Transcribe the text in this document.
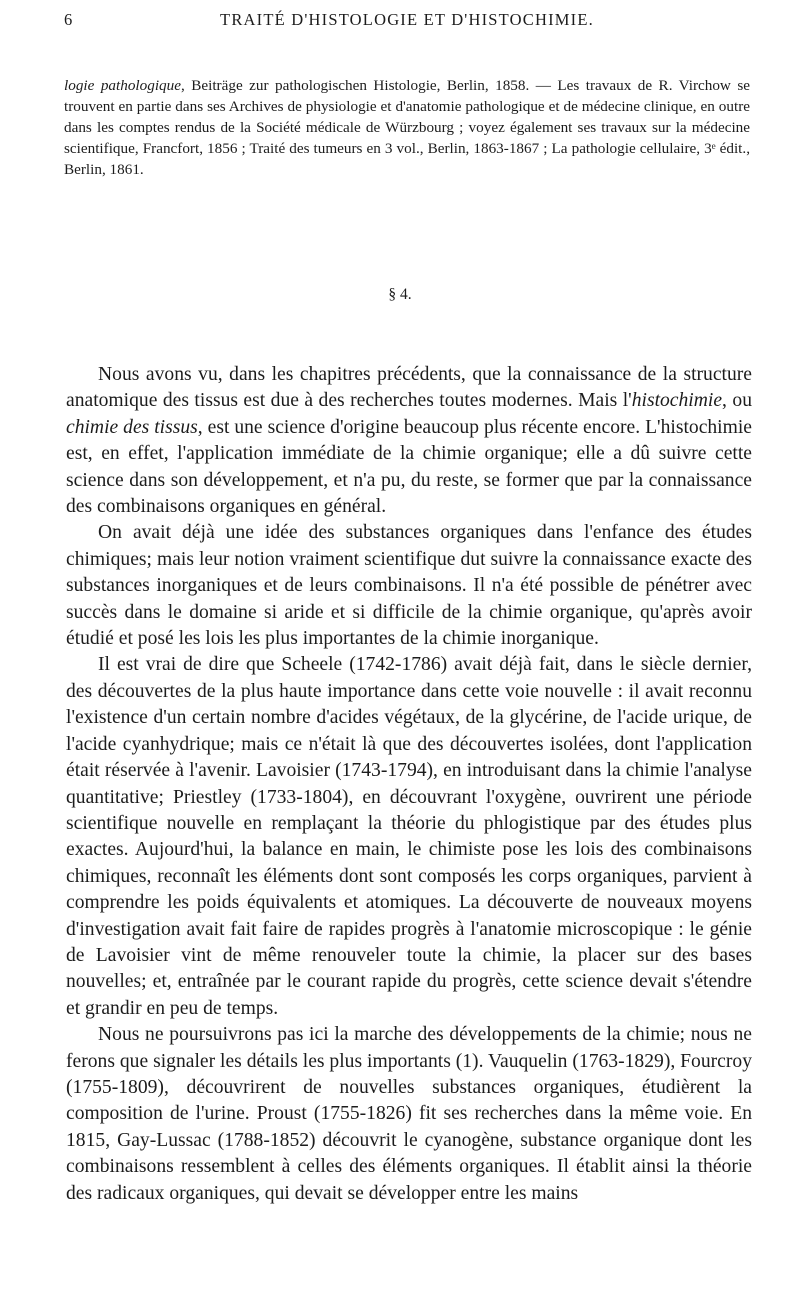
6	TRAITÉ D'HISTOLOGIE ET D'HISTOCHIMIE.
logie pathologique, Beiträge zur pathologischen Histologie, Berlin, 1858. — Les travaux de R. Virchow se trouvent en partie dans ses Archives de physiologie et d'anatomie pathologique et de médecine clinique, en outre dans les comptes rendus de la Société médicale de Würzbourg ; voyez également ses travaux sur la médecine scientifique, Francfort, 1856 ; Traité des tumeurs en 3 vol., Berlin, 1863-1867 ; La pathologie cellulaire, 3ᵉ édit., Berlin, 1861.
§ 4.

Nous avons vu, dans les chapitres précédents, que la connaissance de la structure anatomique des tissus est due à des recherches toutes modernes. Mais l'histochimie, ou chimie des tissus, est une science d'origine beaucoup plus récente encore. L'histochimie est, en effet, l'application immédiate de la chimie organique; elle a dû suivre cette science dans son développement, et n'a pu, du reste, se former que par la connaissance des combinaisons organiques en général.

On avait déjà une idée des substances organiques dans l'enfance des études chimiques; mais leur notion vraiment scientifique dut suivre la connaissance exacte des substances inorganiques et de leurs combinaisons. Il n'a été possible de pénétrer avec succès dans le domaine si aride et si difficile de la chimie organique, qu'après avoir étudié et posé les lois les plus importantes de la chimie inorganique.

Il est vrai de dire que Scheele (1742-1786) avait déjà fait, dans le siècle dernier, des découvertes de la plus haute importance dans cette voie nouvelle : il avait reconnu l'existence d'un certain nombre d'acides végétaux, de la glycérine, de l'acide urique, de l'acide cyanhydrique; mais ce n'était là que des découvertes isolées, dont l'application était réservée à l'avenir. Lavoisier (1743-1794), en introduisant dans la chimie l'analyse quantitative; Priestley (1733-1804), en découvrant l'oxygène, ouvrirent une période scientifique nouvelle en remplaçant la théorie du phlogistique par des études plus exactes. Aujourd'hui, la balance en main, le chimiste pose les lois des combinaisons chimiques, reconnaît les éléments dont sont composés les corps organiques, parvient à comprendre les poids équivalents et atomiques. La découverte de nouveaux moyens d'investigation avait fait faire de rapides progrès à l'anatomie microscopique : le génie de Lavoisier vint de même renouveler toute la chimie, la placer sur des bases nouvelles; et, entraînée par le courant rapide du progrès, cette science devait s'étendre et grandir en peu de temps.

Nous ne poursuivrons pas ici la marche des développements de la chimie; nous ne ferons que signaler les détails les plus importants (1). Vauquelin (1763-1829), Fourcroy (1755-1809), découvrirent de nouvelles substances organiques, étudièrent la composition de l'urine. Proust (1755-1826) fit ses recherches dans la même voie. En 1815, Gay-Lussac (1788-1852) découvrit le cyanogène, substance organique dont les combinaisons ressemblent à celles des éléments organiques. Il établit ainsi la théorie des radicaux organiques, qui devait se développer entre les mains
